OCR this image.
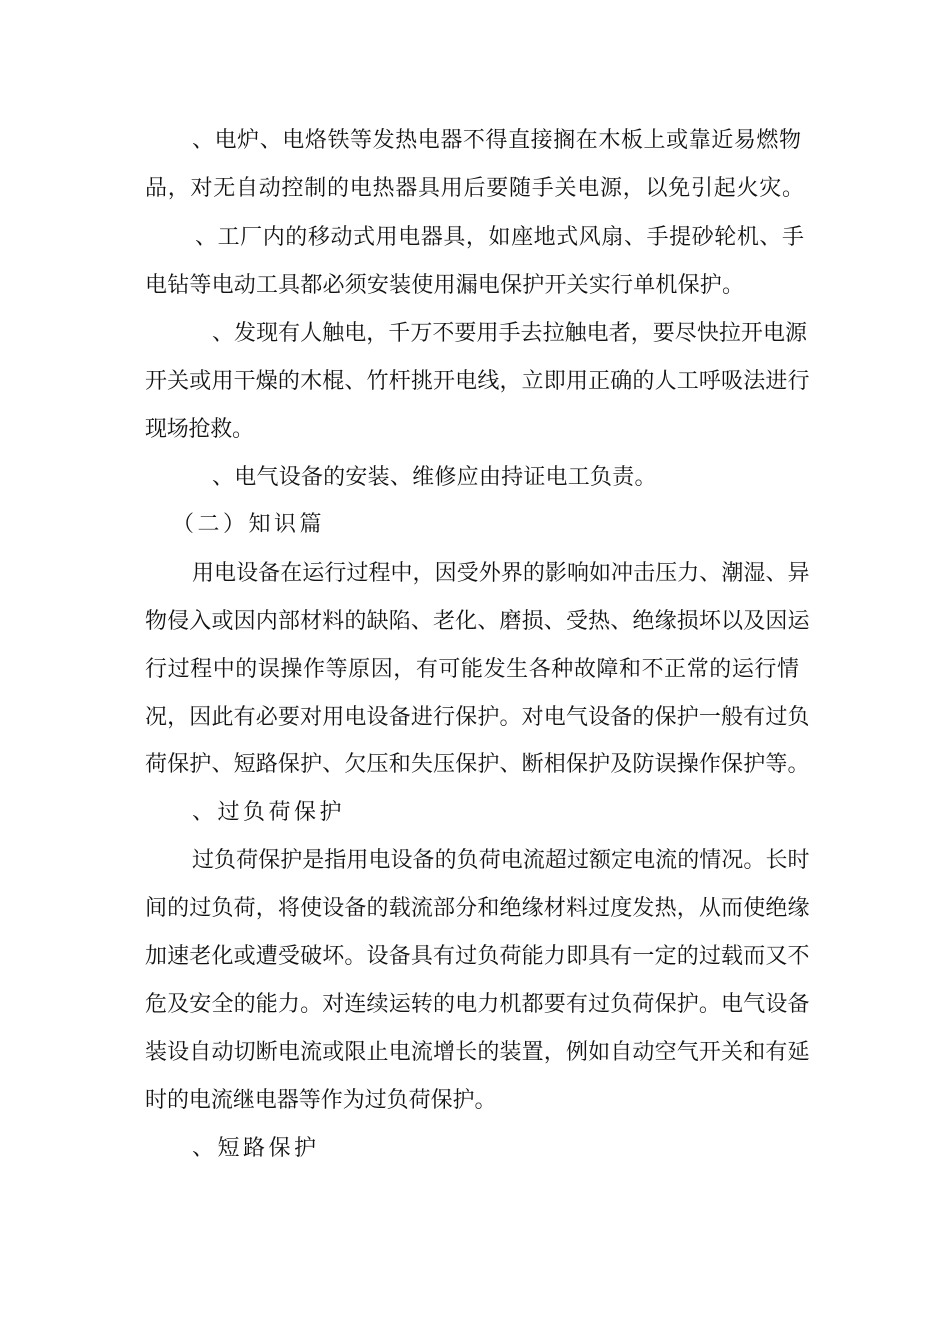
、电炉、电烙铁等发热电器不得直接搁在木板上或靠近易燃物
品，对无自动控制的电热器具用后要随手关电源，以免引起火灾。
、工厂内的移动式用电器具，如座地式风扇、手提砂轮机、手
电钻等电动工具都必须安装使用漏电保护开关实行单机保护。
、发现有人触电，千万不要用手去拉触电者，要尽快拉开电源
开关或用干燥的木棍、竹杆挑开电线，立即用正确的人工呼吸法进行
现场抢救。
、电气设备的安装、维修应由持证电工负责。
（二）知识篇
用电设备在运行过程中，因受外界的影响如冲击压力、潮湿、异
物侵入或因内部材料的缺陷、老化、磨损、受热、绝缘损坏以及因运
行过程中的误操作等原因，有可能发生各种故障和不正常的运行情
况，因此有必要对用电设备进行保护。对电气设备的保护一般有过负
荷保护、短路保护、欠压和失压保护、断相保护及防误操作保护等。
、过负荷保护
过负荷保护是指用电设备的负荷电流超过额定电流的情况。长时
间的过负荷，将使设备的载流部分和绝缘材料过度发热，从而使绝缘
加速老化或遭受破坏。设备具有过负荷能力即具有一定的过载而又不
危及安全的能力。对连续运转的电力机都要有过负荷保护。电气设备
装设自动切断电流或限止电流增长的装置，例如自动空气开关和有延
时的电流继电器等作为过负荷保护。
、短路保护
